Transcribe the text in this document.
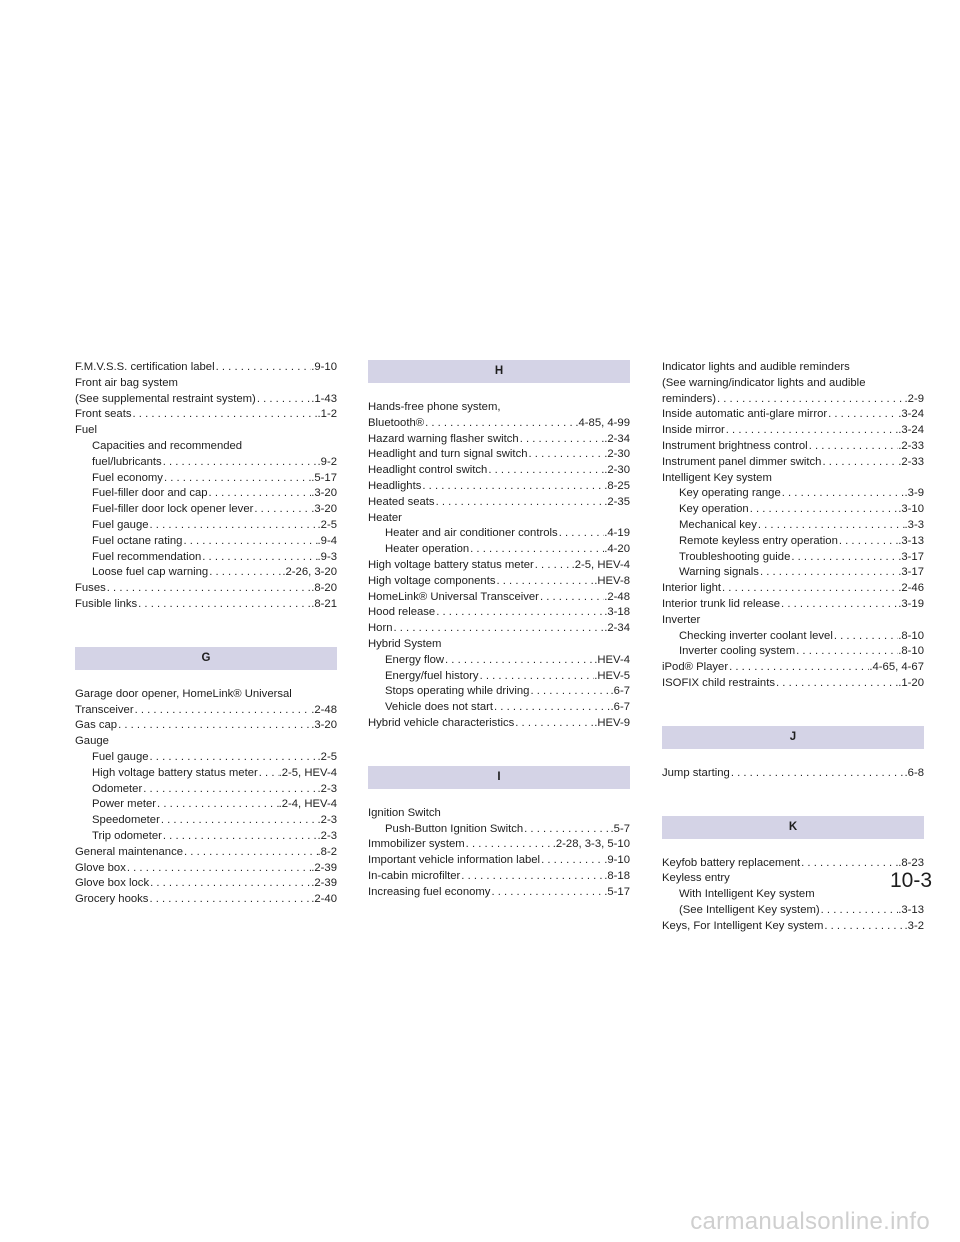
F.M.V.S.S. certification label . . .	.9-10
Front air bag system
(See supplemental restraint system) . . .	.1-43
Front seats . . .	.1-2
Fuel
Capacities and recommended
fuel/lubricants . . .	.9-2
Fuel economy . . .	.5-17
Fuel-filler door and cap . . .	.3-20
Fuel-filler door lock opener lever . . .	.3-20
Fuel gauge . . .	.2-5
Fuel octane rating . . .	.9-4
Fuel recommendation . . .	.9-3
Loose fuel cap warning . . .	.2-26, 3-20
Fuses . . .	.8-20
Fusible links . . .	.8-21
G
Garage door opener, HomeLink® Universal
Transceiver . . .	.2-48
Gas cap . . .	.3-20
Gauge
Fuel gauge . . .	.2-5
High voltage battery status meter . . . .2-5, HEV-4
Odometer . . .	.2-3
Power meter . . .	.2-4, HEV-4
Speedometer . . .	.2-3
Trip odometer . . .	.2-3
General maintenance . . .	.8-2
Glove box . . .	.2-39
Glove box lock . . .	.2-39
Grocery hooks . . .	.2-40
H
Hands-free phone system,
Bluetooth® . . .	.4-85, 4-99
Hazard warning flasher switch . . .	.2-34
Headlight and turn signal switch . . .	.2-30
Headlight control switch . . .	.2-30
Headlights . . .	.8-25
Heated seats . . .	.2-35
Heater
Heater and air conditioner controls . . .	.4-19
Heater operation . . .	.4-20
High voltage battery status meter . . .	.2-5, HEV-4
High voltage components . . .	.HEV-8
HomeLink® Universal Transceiver . . .	.2-48
Hood release . . .	.3-18
Horn . . .	.2-34
Hybrid System
Energy flow . . .	.HEV-4
Energy/fuel history . . .	.HEV-5
Stops operating while driving . . .	.6-7
Vehicle does not start . . .	.6-7
Hybrid vehicle characteristics . . .	.HEV-9
I
Ignition Switch
Push-Button Ignition Switch . . .	.5-7
Immobilizer system . . .	.2-28, 3-3, 5-10
Important vehicle information label . . .	.9-10
In-cabin microfilter . . .	.8-18
Increasing fuel economy . . .	.5-17
Indicator lights and audible reminders
(See warning/indicator lights and audible
reminders) . . .	.2-9
Inside automatic anti-glare mirror . . .	.3-24
Inside mirror . . .	.3-24
Instrument brightness control . . .	.2-33
Instrument panel dimmer switch . . .	.2-33
Intelligent Key system
Key operating range . . .	.3-9
Key operation . . .	.3-10
Mechanical key . . .	.3-3
Remote keyless entry operation . . .	.3-13
Troubleshooting guide . . .	.3-17
Warning signals . . .	.3-17
Interior light . . .	.2-46
Interior trunk lid release . . .	.3-19
Inverter
Checking inverter coolant level . . .	.8-10
Inverter cooling system . . .	.8-10
iPod® Player . . .	.4-65, 4-67
ISOFIX child restraints . . .	.1-20
J
Jump starting . . .	.6-8
K
Keyfob battery replacement . . .	.8-23
Keyless entry
With Intelligent Key system
(See Intelligent Key system) . . .	.3-13
Keys, For Intelligent Key system . . .	.3-2
10-3
carmanualsonline.info
